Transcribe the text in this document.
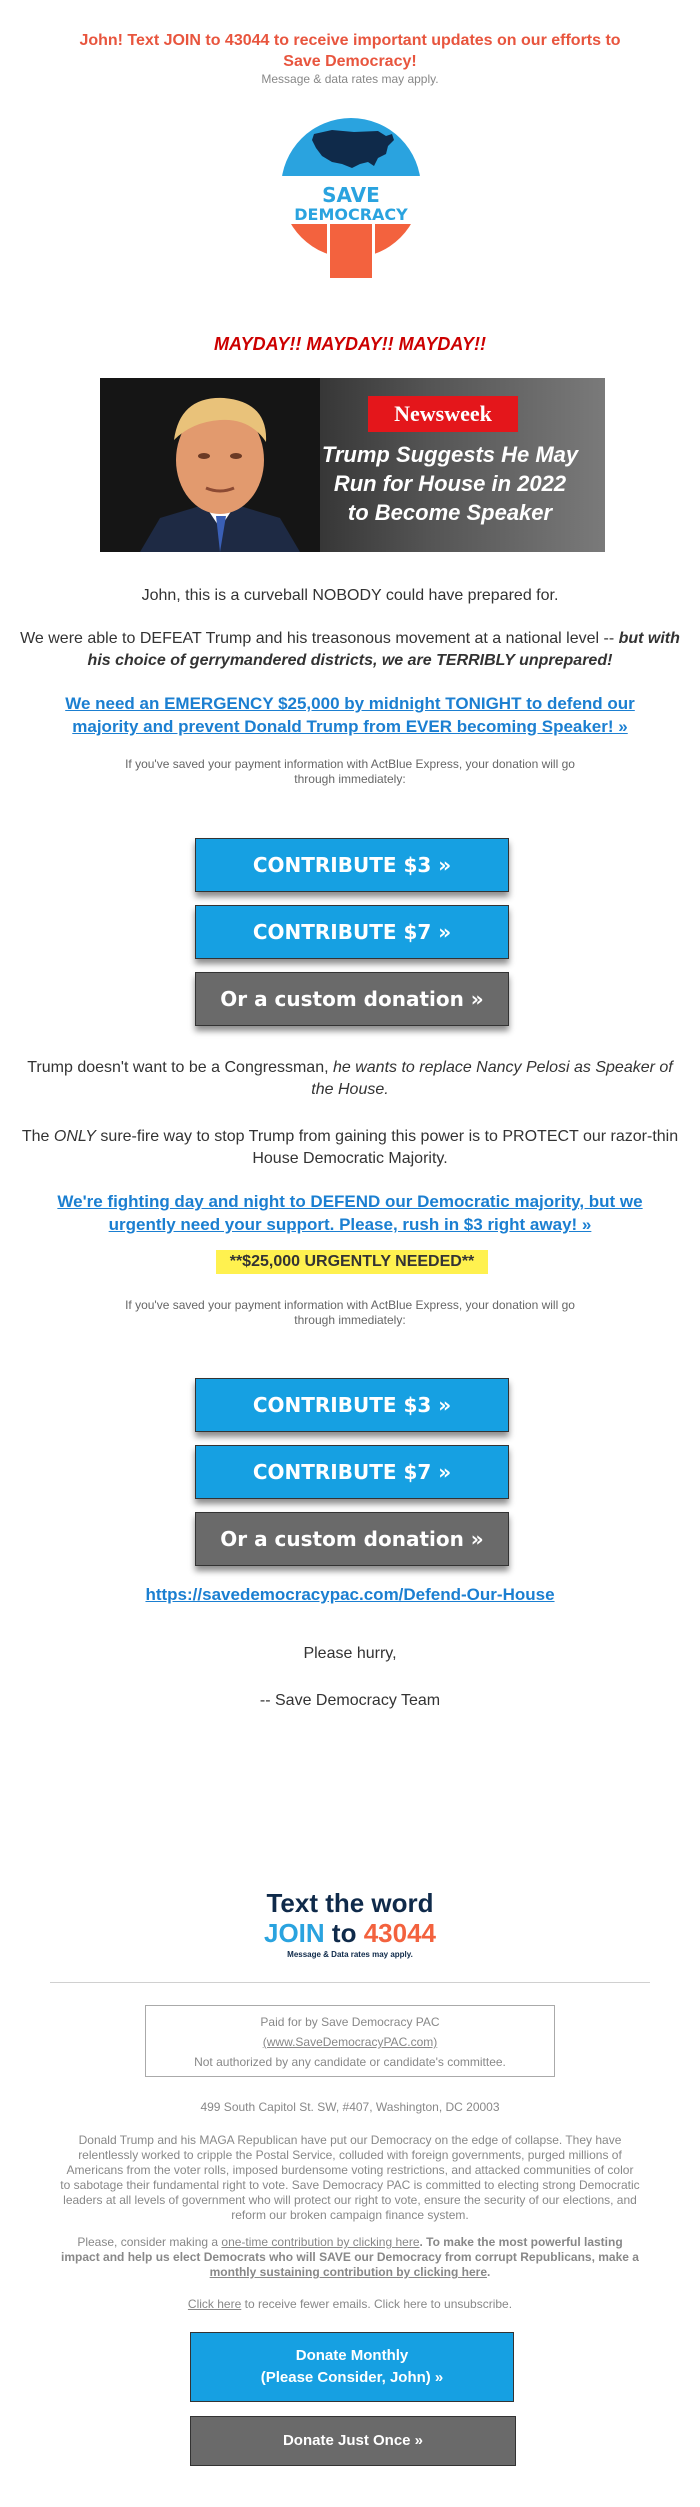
John! Text JOIN to 43044 to receive important updates on our efforts to Save Democracy!
Message & data rates may apply.
SAVE
DEMOCRACY
MAYDAY!! MAYDAY!! MAYDAY!!
Newsweek
Trump Suggests He May
Run for House in 2022
to Become Speaker
John, this is a curveball NOBODY could have prepared for.
We were able to DEFEAT Trump and his treasonous movement at a national level -- but with his choice of gerrymandered districts, we are TERRIBLY unprepared!
We need an EMERGENCY $25,000 by midnight TONIGHT to defend our majority and prevent Donald Trump from EVER becoming Speaker! »
If you've saved your payment information with ActBlue Express, your donation will go through immediately:
CONTRIBUTE $3 »
CONTRIBUTE $7 »
Or a custom donation »
Trump doesn't want to be a Congressman, he wants to replace Nancy Pelosi as Speaker of the House.
The ONLY sure-fire way to stop Trump from gaining this power is to PROTECT our razor-thin House Democratic Majority.
We're fighting day and night to DEFEND our Democratic majority, but we urgently need your support. Please, rush in $3 right away! »
**$25,000 URGENTLY NEEDED**
If you've saved your payment information with ActBlue Express, your donation will go through immediately:
CONTRIBUTE $3 »
CONTRIBUTE $7 »
Or a custom donation »
https://savedemocracypac.com/Defend-Our-House
Please hurry,
-- Save Democracy Team
Text the word
JOIN to 43044
Message & Data rates may apply.
Paid for by Save Democracy PAC
(www.SaveDemocracyPAC.com)
Not authorized by any candidate or candidate's committee.
499 South Capitol St. SW, #407, Washington, DC 20003
Donald Trump and his MAGA Republican have put our Democracy on the edge of collapse. They have relentlessly worked to cripple the Postal Service, colluded with foreign governments, purged millions of Americans from the voter rolls, imposed burdensome voting restrictions, and attacked communities of color to sabotage their fundamental right to vote. Save Democracy PAC is committed to electing strong Democratic leaders at all levels of government who will protect our right to vote, ensure the security of our elections, and reform our broken campaign finance system.
Please, consider making a one-time contribution by clicking here. To make the most powerful lasting impact and help us elect Democrats who will SAVE our Democracy from corrupt Republicans, make a monthly sustaining contribution by clicking here.
Click here to receive fewer emails. Click here to unsubscribe.
Donate Monthly
(Please Consider, John) »
Donate Just Once »
